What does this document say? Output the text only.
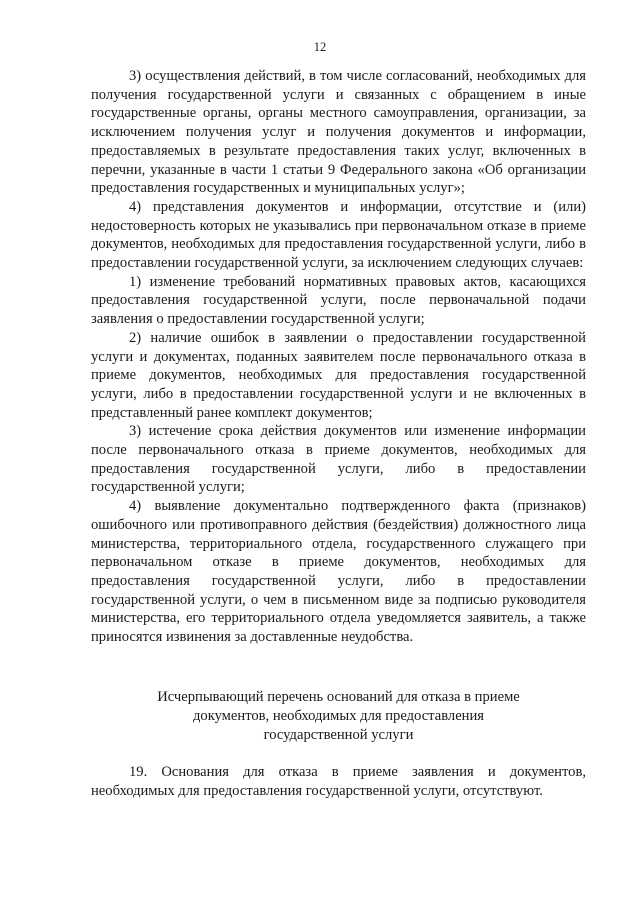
12

3) осуществления действий, в том числе согласований, необходимых для получения государственной услуги и связанных с обращением в иные государственные органы, органы местного самоуправления, организации, за исключением получения услуг и получения документов и информации, предоставляемых в результате предоставления таких услуг, включенных в перечни, указанные в части 1 статьи 9 Федерального закона «Об организации предоставления государственных и муниципальных услуг»;

4) представления документов и информации, отсутствие и (или) недостоверность которых не указывались при первоначальном отказе в приеме документов, необходимых для предоставления государственной услуги, либо в предоставлении государственной услуги, за исключением следующих случаев:

1) изменение требований нормативных правовых актов, касающихся предоставления государственной услуги, после первоначальной подачи заявления о предоставлении государственной услуги;

2) наличие ошибок в заявлении о предоставлении государственной услуги и документах, поданных заявителем после первоначального отказа в приеме документов, необходимых для предоставления государственной услуги, либо в предоставлении государственной услуги и не включенных в представленный ранее комплект документов;

3) истечение срока действия документов или изменение информации после первоначального отказа в приеме документов, необходимых для предоставления государственной услуги, либо в предоставлении государственной услуги;

4) выявление документально подтвержденного факта (признаков) ошибочного или противоправного действия (бездействия) должностного лица министерства, территориального отдела, государственного служащего при первоначальном отказе в приеме документов, необходимых для предоставления государственной услуги, либо в предоставлении государственной услуги, о чем в письменном виде за подписью руководителя министерства, его территориального отдела уведомляется заявитель, а также приносятся извинения за доставленные неудобства.

Исчерпывающий перечень оснований для отказа в приеме
документов, необходимых для предоставления
государственной услуги

19. Основания для отказа в приеме заявления и документов, необходимых для предоставления государственной услуги, отсутствуют.
